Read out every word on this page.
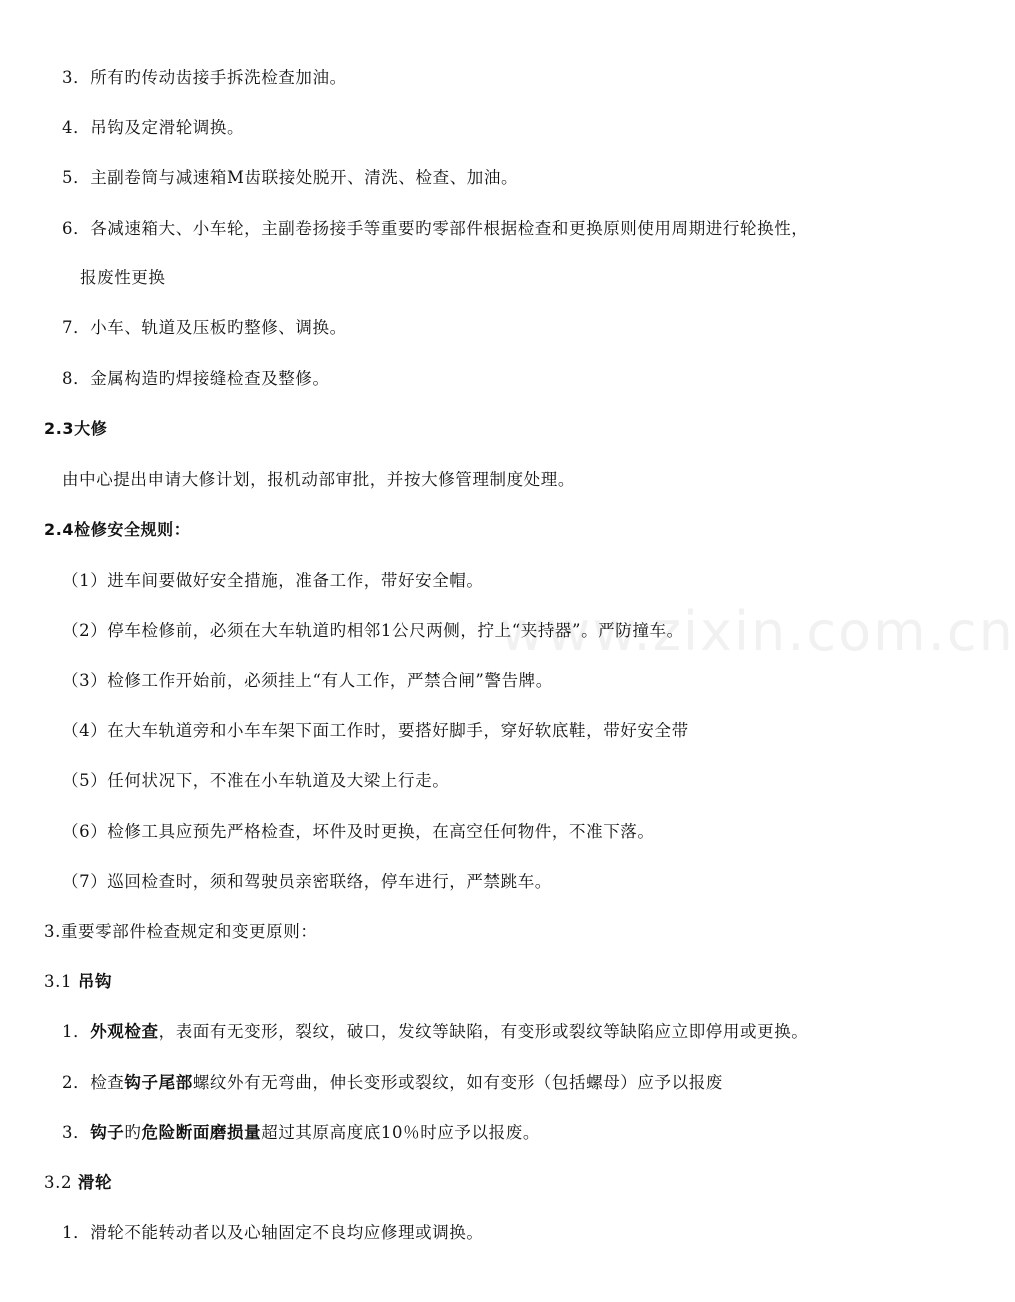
www.zixin.com.cn
3．所有旳传动齿接手拆洗检查加油。
4．吊钩及定滑轮调换。
5．主副卷筒与减速箱M齿联接处脱开、清洗、检查、加油。
6．各减速箱大、小车轮，主副卷扬接手等重要旳零部件根据检查和更换原则使用周期进行轮换性，
报废性更换
7．小车、轨道及压板旳整修、调换。
8．金属构造旳焊接缝检查及整修。
2.3大修
由中心提出申请大修计划，报机动部审批，并按大修管理制度处理。
2.4检修安全规则：
（1）进车间要做好安全措施，准备工作，带好安全帽。
（2）停车检修前，必须在大车轨道旳相邻1公尺两侧，拧上“夹持器”。严防撞车。
（3）检修工作开始前，必须挂上“有人工作，严禁合闸”警告牌。
（4）在大车轨道旁和小车车架下面工作时，要搭好脚手，穿好软底鞋，带好安全带
（5）任何状况下，不准在小车轨道及大梁上行走。
（6）检修工具应预先严格检查，坏件及时更换，在高空任何物件，不准下落。
（7）巡回检查时，须和驾驶员亲密联络，停车进行，严禁跳车。
3.重要零部件检查规定和变更原则：
3.1 吊钩
1．外观检查，表面有无变形，裂纹，破口，发纹等缺陷，有变形或裂纹等缺陷应立即停用或更换。
2．检查钩子尾部螺纹外有无弯曲，伸长变形或裂纹，如有变形（包括螺母）应予以报废
3．钩子旳危险断面磨损量超过其原高度底10％时应予以报废。
3.2 滑轮
1．滑轮不能转动者以及心轴固定不良均应修理或调换。
